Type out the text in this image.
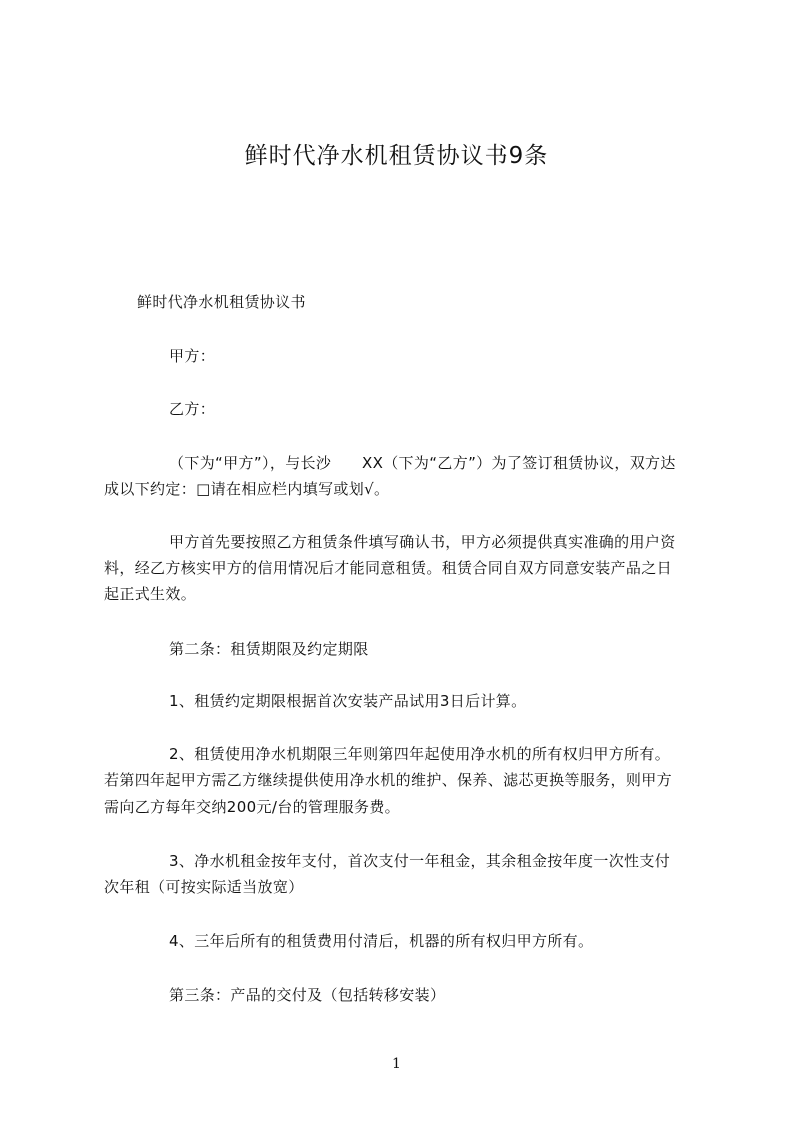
鲜时代净水机租赁协议书9条
鲜时代净水机租赁协议书
甲方：
乙方：
（下为“甲方”），与长沙　　XX（下为“乙方”）为了签订租赁协议，双方达
成以下约定：□请在相应栏内填写或划√。
甲方首先要按照乙方租赁条件填写确认书，甲方必须提供真实准确的用户资
料，经乙方核实甲方的信用情况后才能同意租赁。租赁合同自双方同意安装产品之日
起正式生效。
第二条：租赁期限及约定期限
1、租赁约定期限根据首次安装产品试用3日后计算。
2、租赁使用净水机期限三年则第四年起使用净水机的所有权归甲方所有。
若第四年起甲方需乙方继续提供使用净水机的维护、保养、滤芯更换等服务，则甲方
需向乙方每年交纳200元/台的管理服务费。
3、净水机租金按年支付，首次支付一年租金，其余租金按年度一次性支付
次年租（可按实际适当放宽）
4、三年后所有的租赁费用付清后，机器的所有权归甲方所有。
第三条：产品的交付及（包括转移安装）
1
